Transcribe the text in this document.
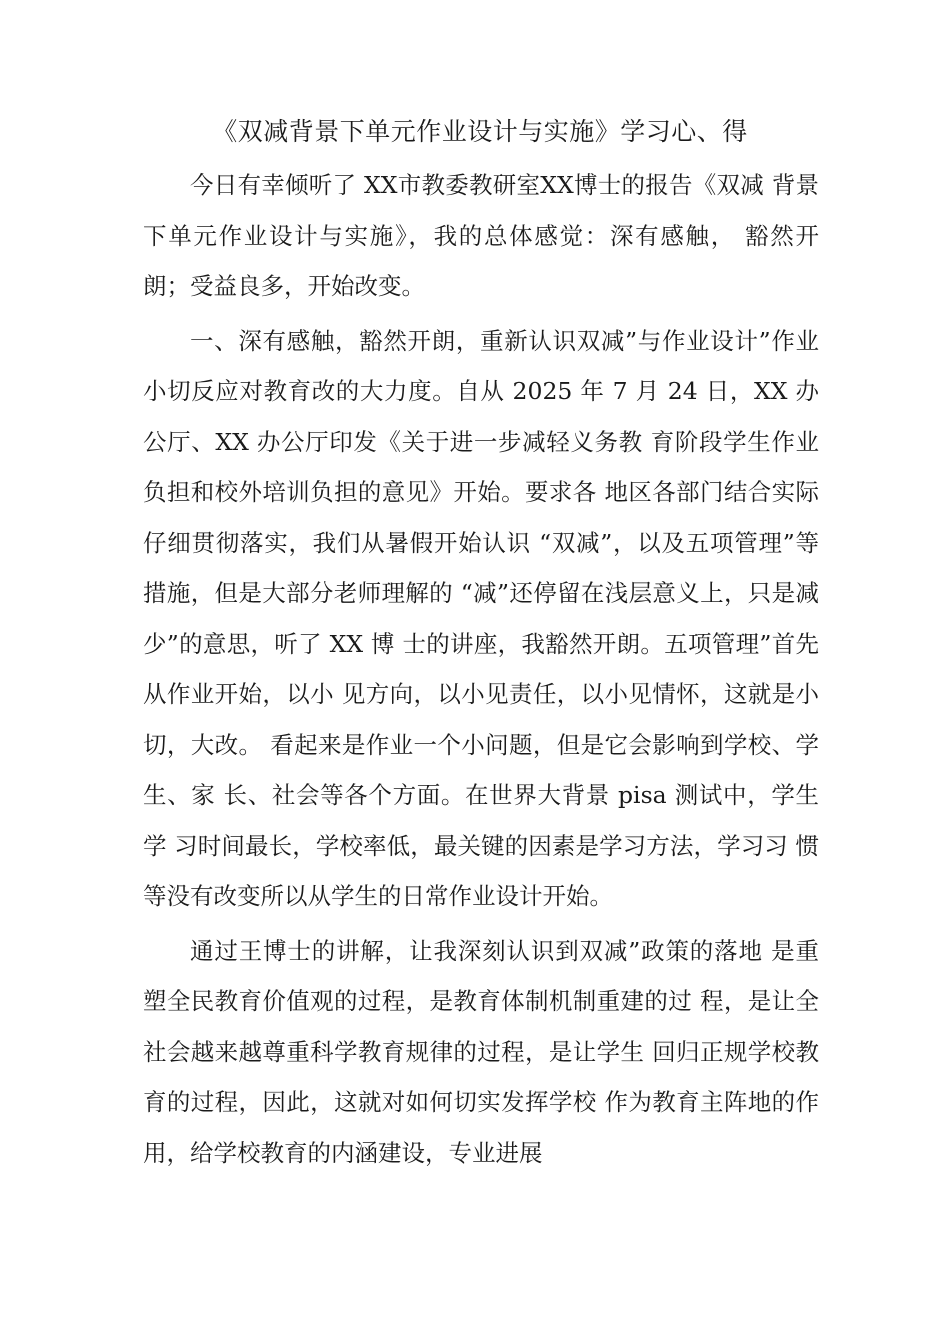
《双减背景下单元作业设计与实施》学习心、得

今日有幸倾听了 XX市教委教研室XX博士的报告《双减 背景下单元作业设计与实施》，我的总体感觉：深有感触， 豁然开朗；受益良多，开始改变。

一、深有感触，豁然开朗，重新认识双减”与作业设计”作业小切反应对教育改的大力度。自从 2025 年 7 月 24 日，XX 办公厅、XX 办公厅印发《关于进一步减轻义务教 育阶段学生作业负担和校外培训负担的意见》开始。要求各 地区各部门结合实际仔细贯彻落实，我们从暑假开始认识 “双减”，以及五项管理”等措施，但是大部分老师理解的 “减”还停留在浅层意义上，只是减少”的意思，听了 XX 博 士的讲座，我豁然开朗。五项管理”首先从作业开始，以小 见方向，以小见责任，以小见情怀，这就是小切，大改。 看起来是作业一个小问题，但是它会影响到学校、学生、家 长、社会等各个方面。在世界大背景 pisa 测试中，学生学 习时间最长，学校率低，最关键的因素是学习方法，学习习 惯等没有改变所以从学生的日常作业设计开始。

通过王博士的讲解，让我深刻认识到双减”政策的落地 是重塑全民教育价值观的过程，是教育体制机制重建的过 程，是让全社会越来越尊重科学教育规律的过程，是让学生 回归正规学校教育的过程，因此，这就对如何切实发挥学校 作为教育主阵地的作用，给学校教育的内涵建设，专业进展
